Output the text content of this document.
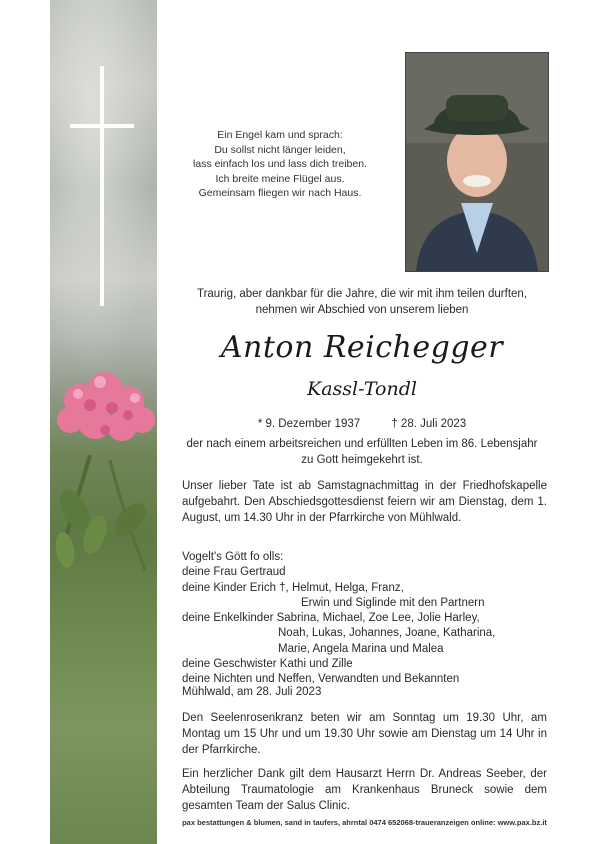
Ein Engel kam und sprach:
Du sollst nicht länger leiden,
lass einfach los und lass dich treiben.
Ich breite meine Flügel aus.
Gemeinsam fliegen wir nach Haus.
Traurig, aber dankbar für die Jahre, die wir mit ihm teilen durften,
nehmen wir Abschied von unserem lieben
Anton Reichegger
Kassl-Tondl
* 9. Dezember 1937	† 28. Juli 2023
der nach einem arbeitsreichen und erfüllten Leben im 86. Lebensjahr
zu Gott heimgekehrt ist.
Unser lieber Tate ist ab Samstagnachmittag in der Friedhofskapelle aufgebahrt. Den Abschiedsgottesdienst feiern wir am Dienstag, dem 1. August, um 14.30 Uhr in der Pfarrkirche von Mühlwald.
Vogelt's Gött fo olls:
deine Frau Gertraud
deine Kinder Erich †, Helmut, Helga, Franz,
Erwin und Siglinde mit den Partnern
deine Enkelkinder Sabrina, Michael, Zoe Lee, Jolie Harley,
Noah, Lukas, Johannes, Joane, Katharina,
Marie, Angela Marina und Malea
deine Geschwister Kathi und Zille
deine Nichten und Neffen, Verwandten und Bekannten
Mühlwald, am 28. Juli 2023
Den Seelenrosenkranz beten wir am Sonntag um 19.30 Uhr, am Montag um 15 Uhr und um 19.30 Uhr sowie am Dienstag um 14 Uhr in der Pfarrkirche.
Ein herzlicher Dank gilt dem Hausarzt Herrn Dr. Andreas Seeber, der Abteilung Traumatologie am Krankenhaus Bruneck sowie dem gesamten Team der Salus Clinic.
pax bestattungen & blumen, sand in taufers, ahrntal 0474 652068-traueranzeigen online: www.pax.bz.it
